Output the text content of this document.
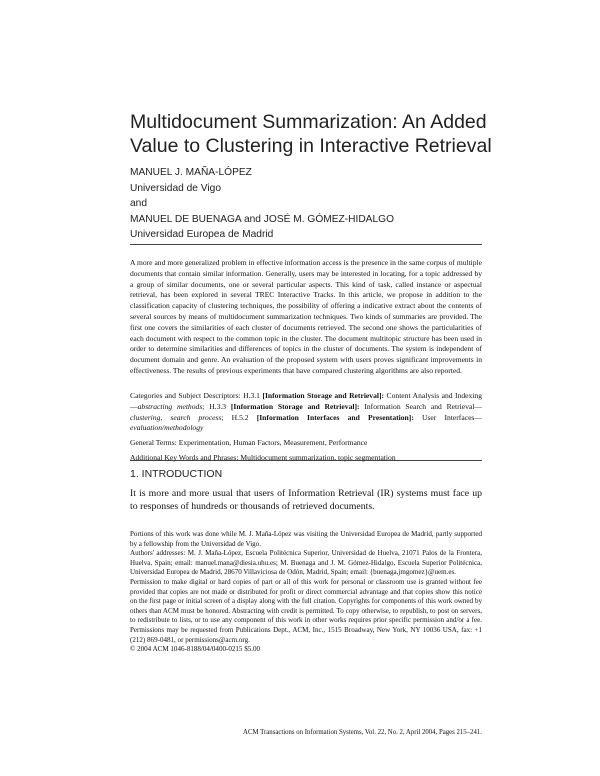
Multidocument Summarization: An Added
Value to Clustering in Interactive Retrieval
MANUEL J. MAÑA-LÓPEZ
Universidad de Vigo
and
MANUEL DE BUENAGA and JOSÉ M. GÓMEZ-HIDALGO
Universidad Europea de Madrid

A more and more generalized problem in effective information access is the presence in the same corpus of multiple documents that contain similar information. Generally, users may be interested in locating, for a topic addressed by a group of similar documents, one or several particular aspects. This kind of task, called instance or aspectual retrieval, has been explored in several TREC Interactive Tracks. In this article, we propose in addition to the classification capacity of clustering techniques, the possibility of offering a indicative extract about the contents of several sources by means of multidocument summarization techniques. Two kinds of summaries are provided. The first one covers the similarities of each cluster of documents retrieved. The second one shows the particularities of each document with respect to the common topic in the cluster. The document multitopic structure has been used in order to determine similarities and differences of topics in the cluster of documents. The system is independent of document domain and genre. An evaluation of the proposed system with users proves significant improvements in effectiveness. The results of previous experiments that have compared clustering algorithms are also reported.

Categories and Subject Descriptors: H.3.1 [Information Storage and Retrieval]: Content Analysis and Indexing—abstracting methods; H.3.3 [Information Storage and Retrieval]: Information Search and Retrieval—clustering, search process; H.5.2 [Information Interfaces and Presentation]: User Interfaces—evaluation/methodology

General Terms: Experimentation, Human Factors, Measurement, Performance

Additional Key Words and Phrases: Multidocument summarization, topic segmentation

1. INTRODUCTION

It is more and more usual that users of Information Retrieval (IR) systems must face up to responses of hundreds or thousands of retrieved documents.

Portions of this work was done while M. J. Maña-López was visiting the Universidad Europea de Madrid, partly supported by a fellowship from the Universidad de Vigo.

Authors' addresses: M. J. Maña-López, Escuela Politécnica Superior, Universidad de Huelva, 21071 Palos de la Frontera, Huelva, Spain; email: manuel.mana@diesia.uhu.es; M. Buenaga and J. M. Gómez-Hidalgo, Escuela Superior Politécnica, Universidad Europea de Madrid, 28670 Villaviciosa de Odón, Madrid, Spain; email: {buenaga,jmgomez}@uem.es.

Permission to make digital or hard copies of part or all of this work for personal or classroom use is granted without fee provided that copies are not made or distributed for profit or direct commercial advantage and that copies show this notice on the first page or initial screen of a display along with the full citation. Copyrights for components of this work owned by others than ACM must be honored. Abstracting with credit is permitted. To copy otherwise, to republish, to post on servers, to redistribute to lists, or to use any component of this work in other works requires prior specific permission and/or a fee. Permissions may be requested from Publications Dept., ACM, Inc., 1515 Broadway, New York, NY 10036 USA, fax: +1 (212) 869-0481, or permissions@acm.org.

© 2004 ACM 1046-8188/04/0400-0215 $5.00

ACM Transactions on Information Systems, Vol. 22, No. 2, April 2004, Pages 215–241.
